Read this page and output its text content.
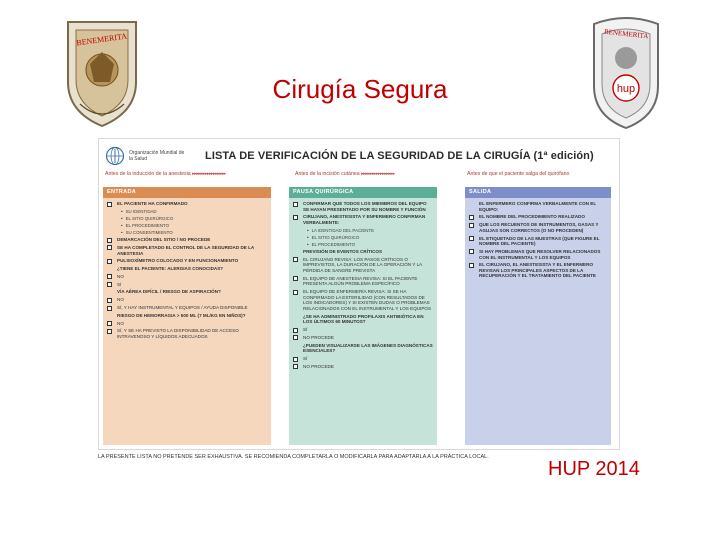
BENEMERITA
hup
BENEMERITA
Cirugía Segura
Organización Mundial de la Salud	LISTA DE VERIFICACIÓN DE LA SEGURIDAD DE LA CIRUGÍA (1ª edición)
Antes de la inducción de la anestesia ▸▸▸▸▸▸▸▸▸▸▸▸▸▸▸▸	Antes de la incisión cutánea ▸▸▸▸▸▸▸▸▸▸▸▸▸▸▸▸	Antes de que el paciente salga del quirófano
ENTRADA
EL PACIENTE HA CONFIRMADO
• SU IDENTIDAD
• EL SITIO QUIRÚRGICO
• EL PROCEDIMIENTO
• SU CONSENTIMIENTO
DEMARCACIÓN DEL SITIO / NO PROCEDE
SE HA COMPLETADO EL CONTROL DE LA SEGURIDAD DE LA ANESTESIA
PULSIOXÍMETRO COLOCADO Y EN FUNCIONAMIENTO
¿TIENE EL PACIENTE: ALERGIAS CONOCIDAS?
NO
SÍ
VÍA AÉREA DIFÍCIL / RIESGO DE ASPIRACIÓN?
NO
SÍ, Y HAY INSTRUMENTAL Y EQUIPOS / AYUDA DISPONIBLE
RIESGO DE HEMORRAGIA > 500 ML (7 ML/KG EN NIÑOS)?
NO
SÍ, Y SE HA PREVISTO LA DISPONIBILIDAD DE ACCESO INTRAVENOSO Y LÍQUIDOS ADECUADOS
PAUSA QUIRÚRGICA
CONFIRMAR QUE TODOS LOS MIEMBROS DEL EQUIPO SE HAYAN PRESENTADO POR SU NOMBRE Y FUNCIÓN
CIRUJANO, ANESTESISTA Y ENFERMERO CONFIRMAN VERBALMENTE:
• LA IDENTIDAD DEL PACIENTE
• EL SITIO QUIRÚRGICO
• EL PROCEDIMIENTO
PREVISIÓN DE EVENTOS CRÍTICOS
EL CIRUJANO REVISA: LOS PASOS CRÍTICOS O IMPREVISTOS, LA DURACIÓN DE LA OPERACIÓN Y LA PÉRDIDA DE SANGRE PREVISTA
EL EQUIPO DE ANESTESIA REVISA: SI EL PACIENTE PRESENTA ALGÚN PROBLEMA ESPECÍFICO
EL EQUIPO DE ENFERMERÍA REVISA: SI SE HA CONFIRMADO LA ESTERILIDAD (CON RESULTADOS DE LOS INDICADORES) Y SI EXISTEN DUDAS O PROBLEMAS RELACIONADOS CON EL INSTRUMENTAL Y LOS EQUIPOS
¿SE HA ADMINISTRADO PROFILAXIS ANTIBIÓTICA EN LOS ÚLTIMOS 60 MINUTOS?
SÍ
NO PROCEDE
¿PUEDEN VISUALIZARSE LAS IMÁGENES DIAGNÓSTICAS ESENCIALES?
SÍ
NO PROCEDE
SALIDA
EL ENFERMERO CONFIRMA VERBALMENTE CON EL EQUIPO:
EL NOMBRE DEL PROCEDIMIENTO REALIZADO
QUE LOS RECUENTOS DE INSTRUMENTOS, GASAS Y AGUJAS SON CORRECTOS (O NO PROCEDEN)
EL ETIQUETADO DE LAS MUESTRAS (QUE FIGURE EL NOMBRE DEL PACIENTE)
SI HAY PROBLEMAS QUE RESOLVER RELACIONADOS CON EL INSTRUMENTAL Y LOS EQUIPOS
EL CIRUJANO, EL ANESTESISTA Y EL ENFERMERO REVISAN LOS PRINCIPALES ASPECTOS DE LA RECUPERACIÓN Y EL TRATAMIENTO DEL PACIENTE
LA PRESENTE LISTA NO PRETENDE SER EXHAUSTIVA. SE RECOMIENDA COMPLETARLA O MODIFICARLA PARA ADAPTARLA A LA PRÁCTICA LOCAL.
HUP 2014
